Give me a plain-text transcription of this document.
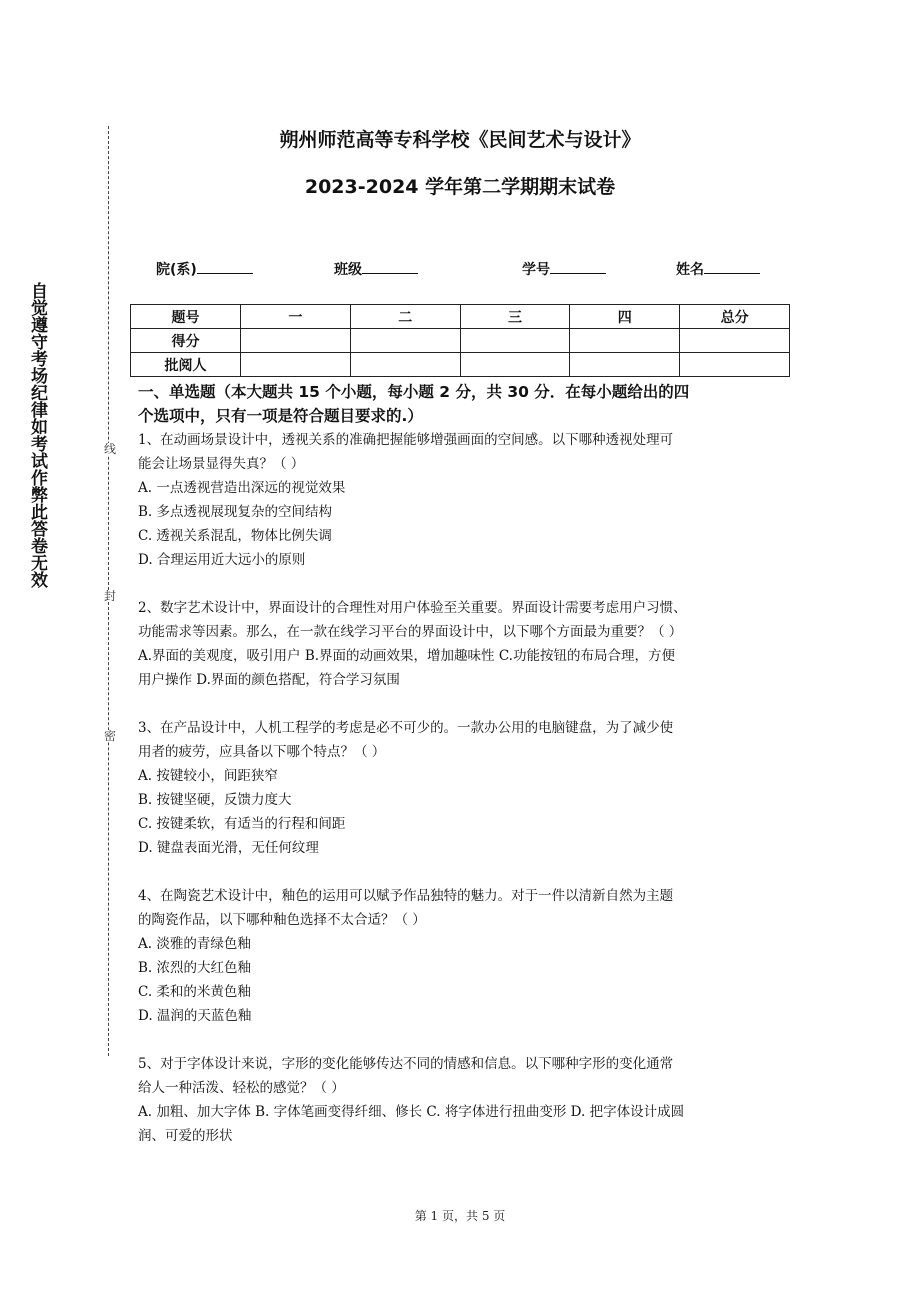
自觉遵守考场纪律如考试作弊此答卷无效	线
封
密
朔州师范高等专科学校《民间艺术与设计》
2023-2024 学年第二学期期末试卷
院(系)	班级	学号	姓名
题号	一	二	三	四	总分
得分					
批阅人					

一、单选题（本大题共 15 个小题，每小题 2 分，共 30 分．在每小题给出的四

个选项中，只有一项是符合题目要求的.）

1、在动画场景设计中，透视关系的准确把握能够增强画面的空间感。以下哪种透视处理可

能会让场景显得失真？（ ）

A. 一点透视营造出深远的视觉效果

B. 多点透视展现复杂的空间结构

C. 透视关系混乱，物体比例失调

D. 合理运用近大远小的原则

2、数字艺术设计中，界面设计的合理性对用户体验至关重要。界面设计需要考虑用户习惯、

功能需求等因素。那么，在一款在线学习平台的界面设计中，以下哪个方面最为重要？（ ）

A.界面的美观度，吸引用户 B.界面的动画效果，增加趣味性 C.功能按钮的布局合理，方便

用户操作 D.界面的颜色搭配，符合学习氛围

3、在产品设计中，人机工程学的考虑是必不可少的。一款办公用的电脑键盘，为了减少使

用者的疲劳，应具备以下哪个特点？（ ）

A. 按键较小，间距狭窄

B. 按键坚硬，反馈力度大

C. 按键柔软，有适当的行程和间距

D. 键盘表面光滑，无任何纹理

4、在陶瓷艺术设计中，釉色的运用可以赋予作品独特的魅力。对于一件以清新自然为主题

的陶瓷作品，以下哪种釉色选择不太合适？（ ）

A. 淡雅的青绿色釉

B. 浓烈的大红色釉

C. 柔和的米黄色釉

D. 温润的天蓝色釉

5、对于字体设计来说，字形的变化能够传达不同的情感和信息。以下哪种字形的变化通常

给人一种活泼、轻松的感觉？（ ）

A. 加粗、加大字体 B. 字体笔画变得纤细、修长 C. 将字体进行扭曲变形 D. 把字体设计成圆

润、可爱的形状

第 1 页，共 5 页
